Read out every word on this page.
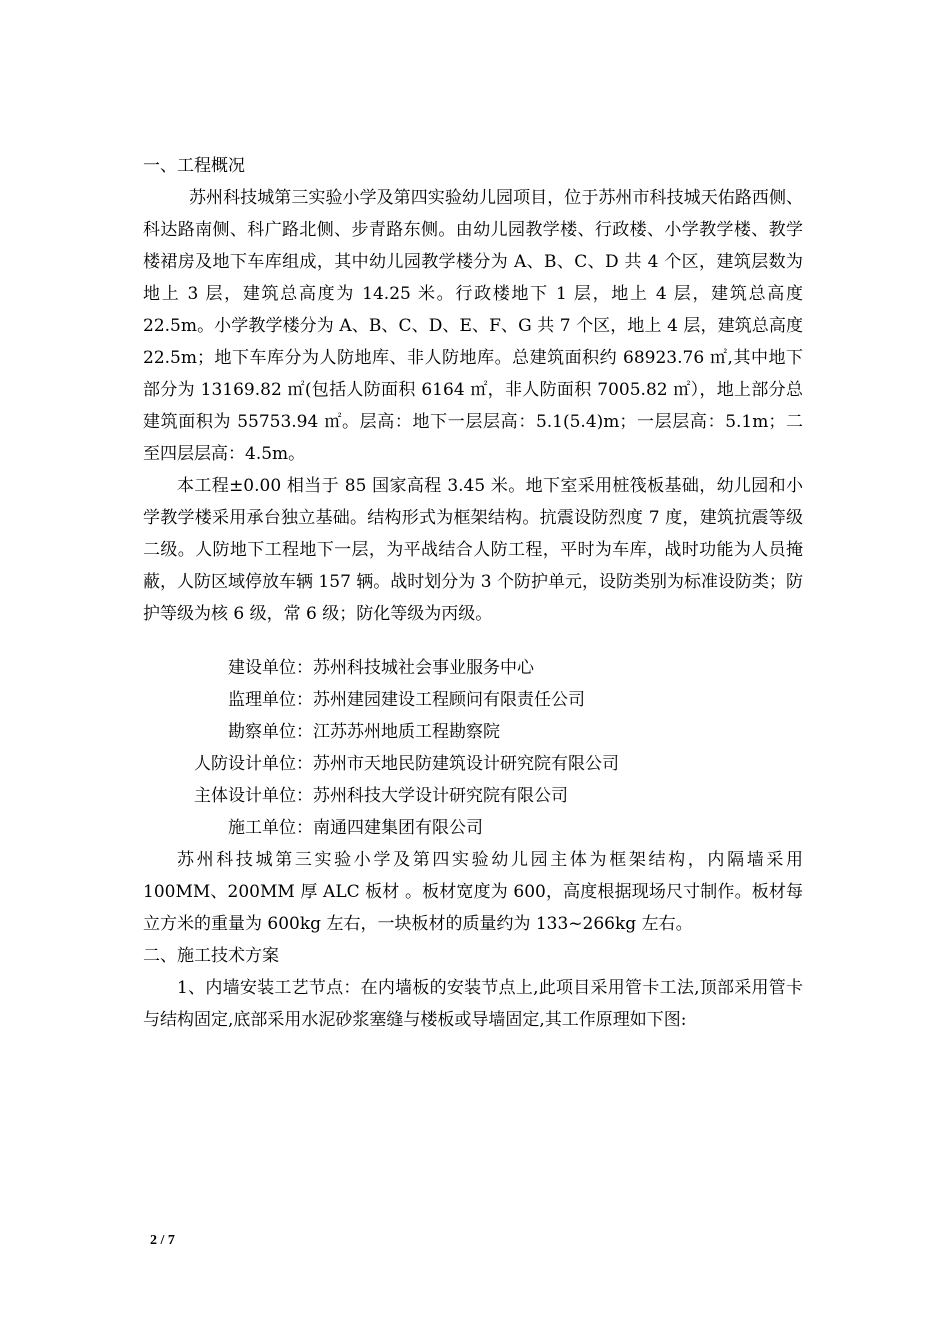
一、工程概况

苏州科技城第三实验小学及第四实验幼儿园项目，位于苏州市科技城天佑路西侧、科达路南侧、科广路北侧、步青路东侧。由幼儿园教学楼、行政楼、小学教学楼、教学楼裙房及地下车库组成，其中幼儿园教学楼分为 A、B、C、D 共 4 个区，建筑层数为地上 3 层，建筑总高度为 14.25 米。行政楼地下 1 层，地上 4 层，建筑总高度 22.5m。小学教学楼分为 A、B、C、D、E、F、G 共 7 个区，地上 4 层，建筑总高度 22.5m；地下车库分为人防地库、非人防地库。总建筑面积约 68923.76 ㎡,其中地下部分为 13169.82 ㎡(包括人防面积 6164 ㎡，非人防面积 7005.82 ㎡），地上部分总建筑面积为 55753.94 ㎡。层高：地下一层层高：5.1(5.4)m；一层层高：5.1m；二至四层层高：4.5m。

本工程±0.00 相当于 85 国家高程 3.45 米。地下室采用桩筏板基础，幼儿园和小学教学楼采用承台独立基础。结构形式为框架结构。抗震设防烈度 7 度，建筑抗震等级二级。人防地下工程地下一层，为平战结合人防工程，平时为车库，战时功能为人员掩蔽，人防区域停放车辆 157 辆。战时划分为 3 个防护单元，设防类别为标准设防类；防护等级为核 6 级，常 6 级；防化等级为丙级。

建设单位：苏州科技城社会事业服务中心
监理单位：苏州建园建设工程顾问有限责任公司
勘察单位：江苏苏州地质工程勘察院
人防设计单位：苏州市天地民防建筑设计研究院有限公司
主体设计单位：苏州科技大学设计研究院有限公司
施工单位：南通四建集团有限公司

苏州科技城第三实验小学及第四实验幼儿园主体为框架结构，内隔墙采用 100MM、200MM 厚 ALC 板材 。板材宽度为 600，高度根据现场尺寸制作。板材每立方米的重量为 600kg 左右，一块板材的质量约为 133~266kg 左右。

二、施工技术方案

1、内墙安装工艺节点：在内墙板的安装节点上,此项目采用管卡工法,顶部采用管卡与结构固定,底部采用水泥砂浆塞缝与楼板或导墙固定,其工作原理如下图:

2 / 7
